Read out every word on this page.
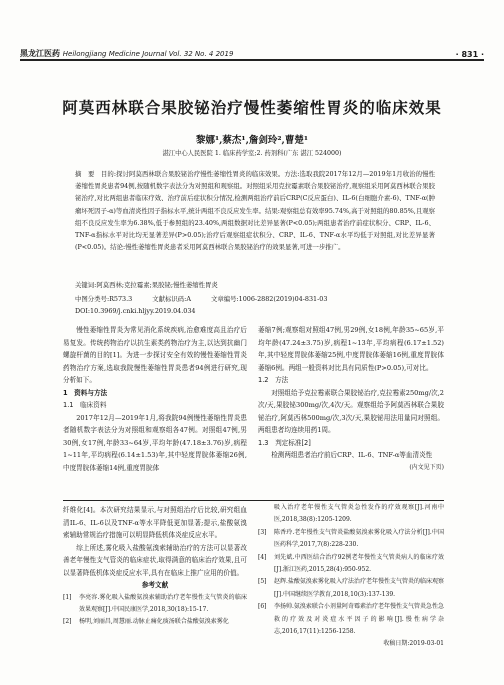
黑龙江医药 Heilongjiang Medicine Journal Vol. 32 No. 4 2019	· 831 ·
阿莫西林联合果胶铋治疗慢性萎缩性胃炎的临床效果
黎娜¹,蔡杰¹,詹剑玲²,曹楚¹
湛江中心人民医院 1. 临床药学室;2. 药剂科(广东 湛江 524000)
摘　要　目的:探讨阿莫西林联合果胶铋治疗慢性萎缩性胃炎的临床效果。方法:选取我院2017年12月—2019年1月收治的慢性萎缩性胃炎患者94例,按随机数字表法分为对照组和观察组。对照组采用克拉霉素联合果胶铋治疗,观察组采用阿莫西林联合果胶铋治疗,对比两组患者临床疗效、治疗前后症状积分情况,检测两组治疗前后CRP(C反应蛋白)、IL-6(白细胞介素-6)、TNF-α(肿瘤坏死因子-α)等血清炎性因子指标水平,统计两组不良反应发生率。结果:观察组总有效率95.74%,高于对照组的80.85%,且观察组不良反应发生率为6.38%,低于参照组的23.40%,两组数据对比差异显著(P<0.05);两组患者治疗前症状积分、CRP、IL-6、TNF-α指标水平对比均无显著差异(P>0.05);治疗后观察组症状积分、CRP、IL-6、TNF-α水平均低于对照组,对比差异显著(P<0.05)。结论:慢性萎缩性胃炎患者采用阿莫西林联合果胶铋治疗的效果显著,可进一步推广。
关键词:阿莫西林;克拉霉素;果胶铋;慢性萎缩性胃炎
中图分类号:R573.3	文献标识码:A	文章编号:1006-2882(2019)04-831-03
DOI:10.3969/j.cnki.hljyy.2019.04.034

慢性萎缩性胃炎为常见消化系统疾病,治愈难度高且治疗后易复发。传统药物治疗以抗生素类药物治疗为主,以达到抗幽门螺旋杆菌的目的[1]。为进一步探讨安全有效的慢性萎缩性胃炎药物治疗方案,选取我院慢性萎缩性胃炎患者94例进行研究,现分析如下。

1　资料与方法

1.1　临床资料

2017年12月—2019年1月,将我院94例慢性萎缩性胃炎患者随机数字表法分为对照组和观察组各47例。对照组47例,男30例,女17例,年龄33~64岁,平均年龄(47.18±3.76)岁,病程1~11年,平均病程(6.14±1.53)年,其中轻度胃脘体萎缩26例,中度胃脘体萎缩14例,重度胃脘体

萎缩7例;观察组对照组47例,男29例,女18例,年龄35~65岁,平均年龄(47.24±3.75)岁,病程1~13年,平均病程(6.17±1.52)年,其中轻度胃脘体萎缩25例,中度胃脘体萎缩16例,重度胃脘体萎缩6例。两组一般资料对比具有同质性(P>0.05),可对比。

1.2　方法

对照组给予克拉霉素联合果胶铋治疗,克拉霉素250mg/次,2次/天,果胶铋300mg/次,4次/天。观察组给予阿莫西林联合果胶铋治疗,阿莫西林500mg/次,3次/天,果胶铋用法用量同对照组。两组患者均连续用药1周。

1.3　判定标准[2]

检测两组患者治疗前后CRP、IL-6、TNF-α等血清炎性

(内文见下页)

纤维化[4]。本次研究结果显示,与对照组治疗后比较,研究组血清IL-6、IL-6以及TNF-α等水平降低更加显著;提示,盐酸氨溴索辅助常规治疗措施可以明显降低机体炎症反应水平。

综上所述,雾化吸入盐酸氨溴索辅助治疗的方法可以显著改善老年慢性支气管炎的临床症状,取得满意的临床治疗效果,且可以显著降低机体炎症反应水平,具有在临床上推广应用的价值。

参考文献

[1]	李亮容.雾化吸入盐酸氨溴索辅助治疗老年慢性支气管炎的临床效果观察[J].中国民康医学,2018,30(18):15-17.
[2]	杨明,刘丽昌,周慧丽.动脉止痛化痰汤联合盐酸氨溴索雾化
吸入治疗老年慢性支气管炎急性发作的疗效观察[J].河南中医,2018,38(8):1205-1209.
[3]	陈香玲.老年慢性支气管炎盐酸氨溴索雾化吸入疗法分析[J].中国医药科学,2017,7(8):228-230.
[4]	刘先斌.中西医结合治疗92例老年慢性支气管炎病人的临床疗效[J].浙江医药,2015,28(4):950-952.
[5]	赵辉.盐酸氨溴索雾化吸入疗法治疗老年慢性支气管炎的临床观察[J].中国继续医学教育,2018,10(3):137-139.
[6]	李扬帅.氨溴索联合小剂量阿奇霉素治疗老年慢性支气管炎急性急救的疗效及对炎症水平因子的影响[J].慢性病学杂志,2016,17(11):1256-1258.
收稿日期:2019-03-01
